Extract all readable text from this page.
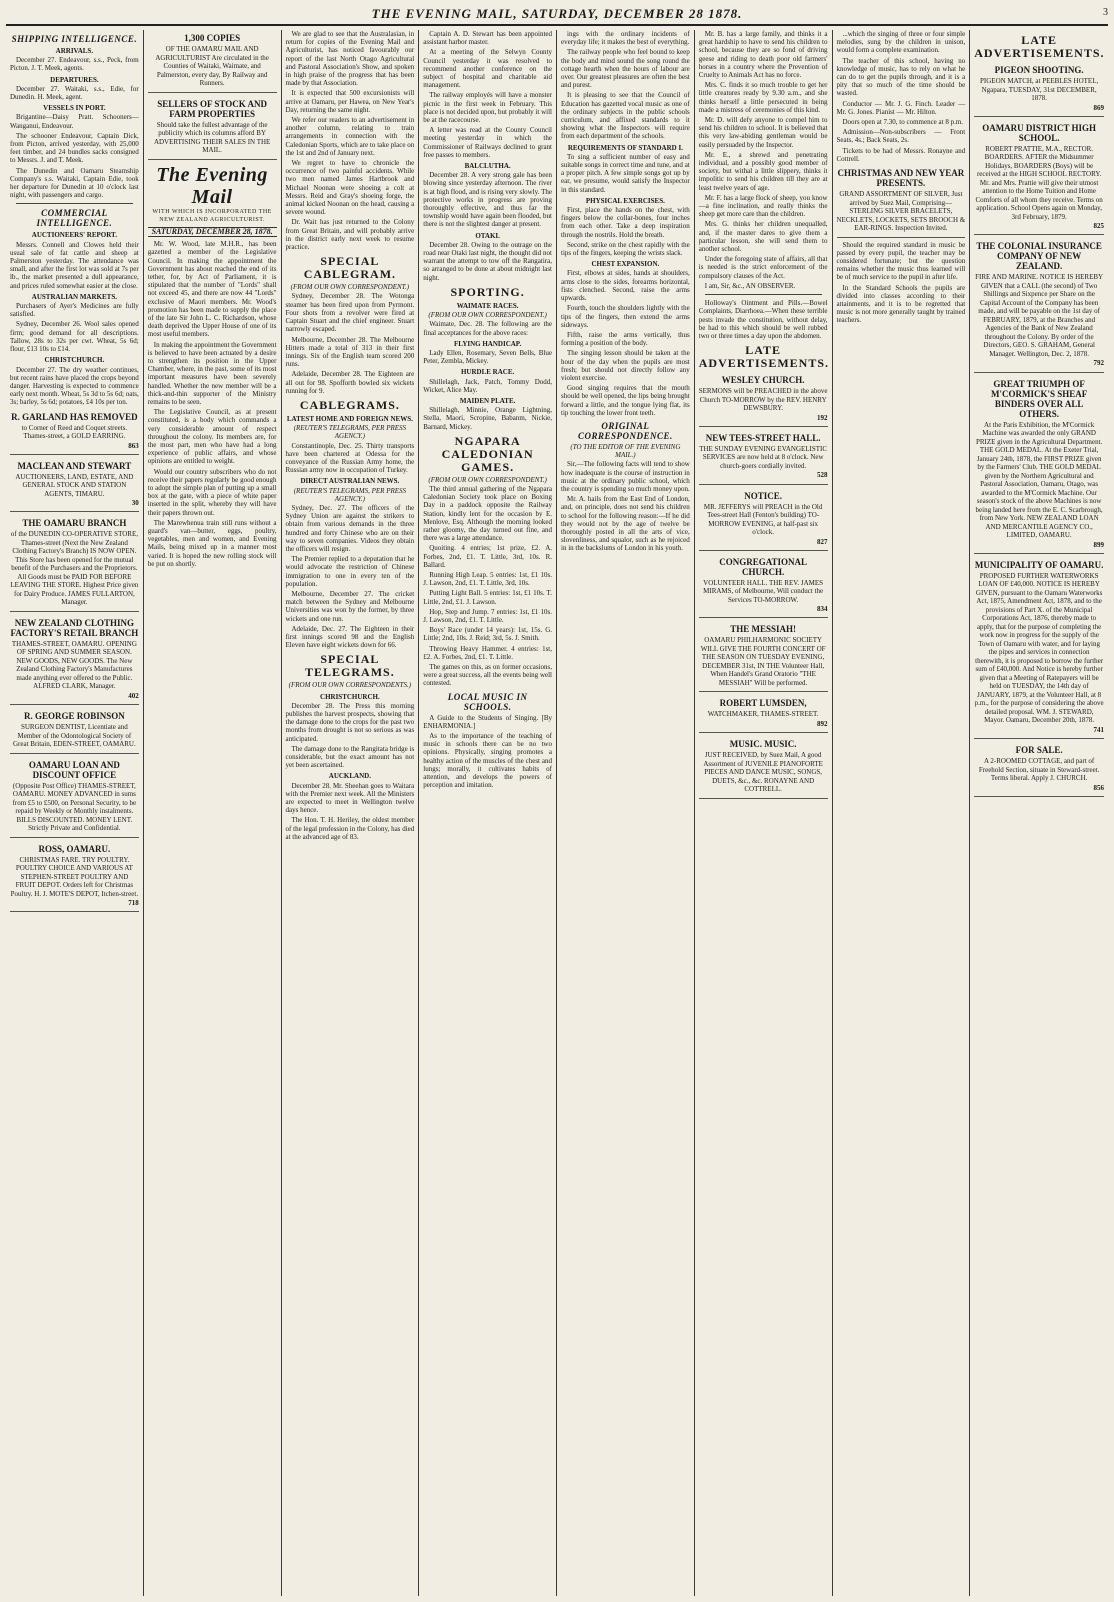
THE EVENING MAIL, SATURDAY, DECEMBER 28 1878.	3
SHIPPING INTELLIGENCE.
ARRIVALS.

December 27. Endeavour, s.s., Peck, from Picton. J. T. Meek, agents.

DEPARTURES.

December 27. Waitaki, s.s., Edie, for Dunedin. H. Meek, agent.

VESSELS IN PORT.

Brigantine—Daisy Pratt. Schooners—Wanganui, Endeavour.

The schooner Endeavour, Captain Dick, from Picton, arrived yesterday, with 25,000 feet timber, and 24 bundles sacks consigned to Messrs. J. and T. Meek.

The Dunedin and Oamaru Steamship Company's s.s. Waitaki, Captain Edie, took her departure for Dunedin at 10 o'clock last night, with passengers and cargo.

COMMERCIAL INTELLIGENCE.
AUCTIONEERS' REPORT.

Messrs. Connell and Clowes held their usual sale of fat cattle and sheep at Palmerston yesterday. The attendance was small, and after the first lot was sold at 7s per lb., the market presented a dull appearance, and prices ruled somewhat easier at the close.

AUSTRALIAN MARKETS.

Purchasers of Ayer's Medicines are fully satisfied.

Sydney, December 26. Wool sales opened firm; good demand for all descriptions. Tallow, 28s to 32s per cwt. Wheat, 5s 6d; flour, £13 10s to £14.

CHRISTCHURCH.

December 27. The dry weather continues, but recent rains have placed the crops beyond danger. Harvesting is expected to commence early next month. Wheat, 5s 3d to 5s 6d; oats, 3s; barley, 5s 6d; potatoes, £4 10s per ton.

R. GARLAND HAS REMOVED
to Corner of Reed and Coquet streets. Thames-street, a GOLD EARRING.
863
MACLEAN AND STEWART
AUCTIONEERS, LAND, ESTATE, AND GENERAL STOCK AND STATION AGENTS, TIMARU.
30
THE OAMARU BRANCH
of the DUNEDIN CO-OPERATIVE STORE, Thames-street (Next the New Zealand Clothing Factory's Branch) IS NOW OPEN. This Store has been opened for the mutual benefit of the Purchasers and the Proprietors. All Goods must be PAID FOR BEFORE LEAVING THE STORE. Highest Price given for Dairy Produce. JAMES FULLARTON, Manager.
NEW ZEALAND CLOTHING FACTORY'S RETAIL BRANCH
THAMES-STREET, OAMARU. OPENING OF SPRING AND SUMMER SEASON. NEW GOODS, NEW GOODS. The New Zealand Clothing Factory's Manufactures made anything ever offered to the Public. ALFRED CLARK, Manager.
402
R. GEORGE ROBINSON
SURGEON DENTIST, Licentiate and Member of the Odontological Society of Great Britain, EDEN-STREET, OAMARU.
OAMARU LOAN AND DISCOUNT OFFICE
(Opposite Post Office) THAMES-STREET, OAMARU. MONEY ADVANCED in sums from £5 to £500, on Personal Security, to be repaid by Weekly or Monthly instalments. BILLS DISCOUNTED. MONEY LENT. Strictly Private and Confidential.
ROSS, OAMARU.
CHRISTMAS FARE. TRY POULTRY. POULTRY CHOICE AND VARIOUS AT STEPHEN-STREET POULTRY AND FRUIT DEPOT. Orders left for Christmas Poultry. H. J. MOTE'S DEPOT, Itchen-street.
718
1,300 COPIES
OF THE OAMARU MAIL AND AGRICULTURIST Are circulated in the Counties of Waitaki, Waimate, and Palmerston, every day, By Railway and Runners.
SELLERS OF STOCK AND FARM PROPERTIES
Should take the fullest advantage of the publicity which its columns afford BY ADVERTISING THEIR SALES IN THE MAIL.
The Evening Mail
WITH WHICH IS INCORPORATED THE NEW ZEALAND AGRICULTURIST.
SATURDAY, DECEMBER 28, 1878.

Mr. W. Wood, late M.H.R., has been gazetted a member of the Legislative Council. In making the appointment the Government has about reached the end of its tether, for, by Act of Parliament, it is stipulated that the number of "Lords" shall not exceed 45, and there are now 44 "Lords" exclusive of Maori members. Mr. Wood's promotion has been made to supply the place of the late Sir John L. C. Richardson, whose death deprived the Upper House of one of its most useful members.

In making the appointment the Government is believed to have been actuated by a desire to strengthen its position in the Upper Chamber, where, in the past, some of its most important measures have been severely handled. Whether the new member will be a thick-and-thin supporter of the Ministry remains to be seen.

The Legislative Council, as at present constituted, is a body which commands a very considerable amount of respect throughout the colony. Its members are, for the most part, men who have had a long experience of public affairs, and whose opinions are entitled to weight.

Would our country subscribers who do not receive their papers regularly be good enough to adopt the simple plan of putting up a small box at the gate, with a piece of white paper inserted in the split, whereby they will have their papers thrown out.

The Marewhenua train still runs without a guard's van—butter, eggs, poultry, vegetables, men and women, and Evening Mails, being mixed up in a manner most varied. It is hoped the new rolling stock will be put on shortly.

We are glad to see that the Australasian, in return for copies of the Evening Mail and Agriculturist, has noticed favourably our report of the last North Otago Agricultural and Pastoral Association's Show, and spoken in high praise of the progress that has been made by that Association.

It is expected that 500 excursionists will arrive at Oamaru, per Hawea, on New Year's Day, returning the same night.

We refer our readers to an advertisement in another column, relating to train arrangements in connection with the Caledonian Sports, which are to take place on the 1st and 2nd of January next.

We regret to have to chronicle the occurrence of two painful accidents. While two men named James Hartbrook and Michael Noonan were shoeing a colt at Messrs. Reid and Gray's shoeing forge, the animal kicked Noonan on the head, causing a severe wound.

Dr. Wait has just returned to the Colony from Great Britain, and will probably arrive in the district early next week to resume practice.

SPECIAL CABLEGRAM.
(FROM OUR OWN CORRESPONDENT.)

Sydney, December 28. The Wotonga steamer has been fired upon from Pyrmont. Four shots from a revolver were fired at Captain Stuart and the chief engineer. Stuart narrowly escaped.

Melbourne, December 28. The Melbourne Hitters made a total of 313 in their first innings. Six of the English team scored 200 runs.

Adelaide, December 28. The Eighteen are all out for 98. Spofforth bowled six wickets running for 9.

CABLEGRAMS.
LATEST HOME AND FOREIGN NEWS.
(REUTER'S TELEGRAMS, PER PRESS AGENCY.)

Constantinople, Dec. 25. Thirty transports have been chartered at Odessa for the conveyance of the Russian Army home, the Russian army now in occupation of Turkey.

DIRECT AUSTRALIAN NEWS.
(REUTER'S TELEGRAMS, PER PRESS AGENCY.)

Sydney, Dec. 27. The officers of the Sydney Union are against the strikers to obtain from various demands in the three hundred and forty Chinese who are on their way to seven companies. Videos they obtain the officers will resign.

The Premier replied to a deputation that he would advocate the restriction of Chinese immigration to one in every ten of the population.

Melbourne, December 27. The cricket match between the Sydney and Melbourne Universities was won by the former, by three wickets and one run.

Adelaide, Dec. 27. The Eighteen in their first innings scored 98 and the English Eleven have eight wickets down for 66.

SPECIAL TELEGRAMS.
(FROM OUR OWN CORRESPONDENTS.)
CHRISTCHURCH.

December 28. The Press this morning publishes the harvest prospects, showing that the damage done to the crops for the past two months from drought is not so serious as was anticipated.

The damage done to the Rangitata bridge is considerable, but the exact amount has not yet been ascertained.

AUCKLAND.

December 28. Mr. Sheehan goes to Waitara with the Premier next week. All the Ministers are expected to meet in Wellington twelve days hence.

The Hon. T. H. Heriley, the oldest member of the legal profession in the Colony, has died at the advanced age of 83.

Captain A. D. Stewart has been appointed assistant harbor master.

At a meeting of the Selwyn County Council yesterday it was resolved to recommend another conference on the subject of hospital and charitable aid management.

The railway employés will have a monster picnic in the first week in February. This place is not decided upon, but probably it will be at the racecourse.

A letter was read at the County Council meeting yesterday in which the Commissioner of Railways declined to grant free passes to members.

BALCLUTHA.

December 28. A very strong gale has been blowing since yesterday afternoon. The river is at high flood, and is rising very slowly. The protective works in progress are proving thoroughly effective, and thus far the township would have again been flooded, but there is not the slightest danger at present.

OTAKI.

December 28. Owing to the outrage on the road near Otaki last night, the thought did not warrant the attempt to tow off the Rangatira, so arranged to be done at about midnight last night.

SPORTING.
WAIMATE RACES.
(FROM OUR OWN CORRESPONDENT.)

Waimate, Dec. 28. The following are the final acceptances for the above races:

FLYING HANDICAP.

Lady Ellen, Rosemary, Seven Bells, Blue Peter, Zembla, Mickey.

HURDLE RACE.

Shillelagh, Jack, Patch, Tommy Dodd, Wicket, Alice May.

MAIDEN PLATE.

Shillelagh, Minnie, Orange Lightning, Stella, Maori, Scropine, Babanm, Nickie, Barnard, Mickey.

NGAPARA CALEDONIAN GAMES.
(FROM OUR OWN CORRESPONDENT.)

The third annual gathering of the Ngapara Caledonian Society took place on Boxing Day in a paddock opposite the Railway Station, kindly lent for the occasion by E. Menlove, Esq. Although the morning looked rather gloomy, the day turned out fine, and there was a large attendance.

Quoiting. 4 entries; 1st prize, £2. A. Forbes, 2nd, £1. T. Little, 3rd, 10s. R. Ballard.

Running High Leap. 5 entries: 1st, £1 10s. J. Lawson, 2nd, £1. T. Little, 3rd, 10s.

Putting Light Ball. 5 entries: 1st, £1 10s. T. Little, 2nd, £1. J. Lawson.

Hop, Step and Jump. 7 entries: 1st, £1 10s. J. Lawson, 2nd, £1. T. Little.

Boys' Race (under 14 years): 1st, 15s. G. Little; 2nd, 10s. J. Reid; 3rd, 5s. J. Smith.

Throwing Heavy Hammer. 4 entries: 1st, £2. A. Forbes, 2nd, £1. T. Little.

The games on this, as on former occasions, were a great success, all the events being well contested.

LOCAL MUSIC IN SCHOOLS.

A Guide to the Students of Singing. [By ENHARMONIA.]

As to the importance of the teaching of music in schools there can be no two opinions. Physically, singing promotes a healthy action of the muscles of the chest and lungs; morally, it cultivates habits of attention, and develops the powers of perception and imitation.

ings with the ordinary incidents of everyday life; it makes the best of everything.

The railway people who feel bound to keep the body and mind sound the song round the cottage hearth when the hours of labour are over. Our greatest pleasures are often the best and purest.

It is pleasing to see that the Council of Education has gazetted vocal music as one of the ordinary subjects in the public schools curriculum, and affixed standards to it showing what the Inspectors will require from each department of the schools.

REQUIREMENTS OF STANDARD I.

To sing a sufficient number of easy and suitable songs in correct time and tune, and at a proper pitch. A few simple songs got up by ear, we presume, would satisfy the Inspector in this standard.

PHYSICAL EXERCISES.

First, place the hands on the chest, with fingers below the collar-bones, four inches from each other. Take a deep inspiration through the nostrils. Hold the breath.

Second, strike on the chest rapidly with the tips of the fingers, keeping the wrists slack.

CHEST EXPANSION.

First, elbows at sides, hands at shoulders, arms close to the sides, forearms horizontal, fists clenched. Second, raise the arms upwards.

Fourth, touch the shoulders lightly with the tips of the fingers, then extend the arms sideways.

Fifth, raise the arms vertically, thus forming a position of the body.

The singing lesson should be taken at the hour of the day when the pupils are most fresh; but should not directly follow any violent exercise.

Good singing requires that the mouth should be well opened, the lips being brought forward a little, and the tongue lying flat, its tip touching the lower front teeth.

ORIGINAL CORRESPONDENCE.
(TO THE EDITOR OF THE EVENING MAIL.)

Sir,—The following facts will tend to show how inadequate is the course of instruction in music at the ordinary public school, which the country is spending so much money upon.

Mr. A. hails from the East End of London, and, on principle, does not send his children to school for the following reason:—If he did they would not by the age of twelve be thoroughly posted in all the arts of vice, slovenliness, and squalor, such as he rejoiced in in the backslums of London in his youth.

Mr. B. has a large family, and thinks it a great hardship to have to send his children to school, because they are so fond of driving geese and riding to death poor old farmers' horses in a country where the Prevention of Cruelty to Animals Act has no force.

Mrs. C. finds it so much trouble to get her little creatures ready by 9.30 a.m., and she thinks herself a little persecuted in being made a mistress of ceremonies of this kind.

Mr. D. will defy anyone to compel him to send his children to school. It is believed that this very law-abiding gentleman would be easily persuaded by the Inspector.

Mr. E., a shrewd and penetrating individual, and a possibly good member of society, but withal a little slippery, thinks it impolitic to send his children till they are at least twelve years of age.

Mr. F. has a large flock of sheep, you know—a fine inclination, and really thinks the sheep get more care than the children.

Mrs. G. thinks her children unequalled, and, if the master dares to give them a particular lesson, she will send them to another school.

Under the foregoing state of affairs, all that is needed is the strict enforcement of the compulsory clauses of the Act.

I am, Sir, &c., AN OBSERVER.

Holloway's Ointment and Pills.—Bowel Complaints, Diarrhoea.—When these terrible pests invade the constitution, without delay, be had to this which should be well rubbed two or three times a day upon the abdomen.

LATE ADVERTISEMENTS.
WESLEY CHURCH.
SERMONS will be PREACHED in the above Church TO-MORROW by the REV. HENRY DEWSBURY.
192
NEW TEES-STREET HALL.
THE SUNDAY EVENING EVANGELISTIC SERVICES are now held at 8 o'clock. New church-goers cordially invited.
528
NOTICE.
MR. JEFFERYS will PREACH in the Old Tees-street Hall (Fenton's building) TO-MORROW EVENING, at half-past six o'clock.
827
CONGREGATIONAL CHURCH.
VOLUNTEER HALL. THE REV. JAMES MIRAMS, of Melbourne, Will conduct the Services TO-MORROW.
834
THE MESSIAH!
OAMARU PHILHARMONIC SOCIETY WILL GIVE THE FOURTH CONCERT OF THE SEASON ON TUESDAY EVENING, DECEMBER 31st, IN THE Volunteer Hall, When Handel's Grand Oratorio "THE MESSIAH" Will be performed.
ROBERT LUMSDEN,
WATCHMAKER, THAMES-STREET.
892
MUSIC. MUSIC.
JUST RECEIVED, by Suez Mail, A good Assortment of JUVENILE PIANOFORTE PIECES AND DANCE MUSIC, SONGS, DUETS, &c., &c. RONAYNE AND COTTRELL.

...which the singing of three or four simple melodies, sung by the children in unison, would form a complete examination.

The teacher of this school, having no knowledge of music, has to rely on what he can do to get the pupils through, and it is a pity that so much of the time should be wasted.

Conductor — Mr. J. G. Finch. Leader — Mr. G. Jones. Pianist — Mr. Hilton.

Doors open at 7.30, to commence at 8 p.m.

Admission—Non-subscribers — Front Seats, 4s.; Back Seats, 2s.

Tickets to be had of Messrs. Ronayne and Cottrell.

CHRISTMAS AND NEW YEAR PRESENTS.
GRAND ASSORTMENT OF SILVER, Just arrived by Suez Mail, Comprising— STERLING SILVER BRACELETS, NECKLETS, LOCKETS, SETS BROOCH & EAR-RINGS. Inspection Invited.

Should the required standard in music be passed by every pupil, the teacher may be considered fortunate; but the question remains whether the music thus learned will be of much service to the pupil in after life.

In the Standard Schools the pupils are divided into classes according to their attainments, and it is to be regretted that music is not more generally taught by trained teachers.

LATE ADVERTISEMENTS.
PIGEON SHOOTING.
PIGEON MATCH, at PEEBLES HOTEL, Ngapara, TUESDAY, 31st DECEMBER, 1878.
869
OAMARU DISTRICT HIGH SCHOOL.
ROBERT PRATTIE, M.A., RECTOR. BOARDERS. AFTER the Midsummer Holidays, BOARDERS (Boys) will be received at the HIGH SCHOOL RECTORY. Mr. and Mrs. Prattie will give their utmost attention to the Home Tuition and Home Comforts of all whom they receive. Terms on application. School Opens again on Monday, 3rd February, 1879.
825
THE COLONIAL INSURANCE COMPANY OF NEW ZEALAND.
FIRE AND MARINE. NOTICE IS HEREBY GIVEN that a CALL (the second) of Two Shillings and Sixpence per Share on the Capital Account of the Company has been made, and will be payable on the 1st day of FEBRUARY, 1879, at the Branches and Agencies of the Bank of New Zealand throughout the Colony. By order of the Directors, GEO. S. GRAHAM, General Manager. Wellington, Dec. 2, 1878.
792
GREAT TRIUMPH OF M'CORMICK'S SHEAF BINDERS OVER ALL OTHERS.
At the Paris Exhibition, the M'Cormick Machine was awarded the only GRAND PRIZE given in the Agricultural Department. THE GOLD MEDAL. At the Exeter Trial, January 24th, 1878, the FIRST PRIZE given by the Farmers' Club. THE GOLD MEDAL given by the Northern Agricultural and Pastoral Association, Oamaru, Otago, was awarded to the M'Cormick Machine. Our season's stock of the above Machines is now being landed here from the E. C. Scarbrough, from New York. NEW ZEALAND LOAN AND MERCANTILE AGENCY CO., LIMITED, OAMARU.
899
MUNICIPALITY OF OAMARU.
PROPOSED FURTHER WATERWORKS LOAN OF £40,000. NOTICE IS HEREBY GIVEN, pursuant to the Oamaru Waterworks Act, 1875, Amendment Act, 1878, and to the provisions of Part X. of the Municipal Corporations Act, 1876, thereby made to apply, that for the purpose of completing the work now in progress for the supply of the Town of Oamaru with water, and for laying the pipes and services in connection therewith, it is proposed to borrow the further sum of £40,000. And Notice is hereby further given that a Meeting of Ratepayers will be held on TUESDAY, the 14th day of JANUARY, 1879, at the Volunteer Hall, at 8 p.m., for the purpose of considering the above detailed proposal. WM. J. STEWARD, Mayor. Oamaru, December 20th, 1878.
741
FOR SALE.
A 2-ROOMED COTTAGE, and part of Freehold Section, situate in Steward-street. Terms liberal. Apply J. CHURCH.
856
